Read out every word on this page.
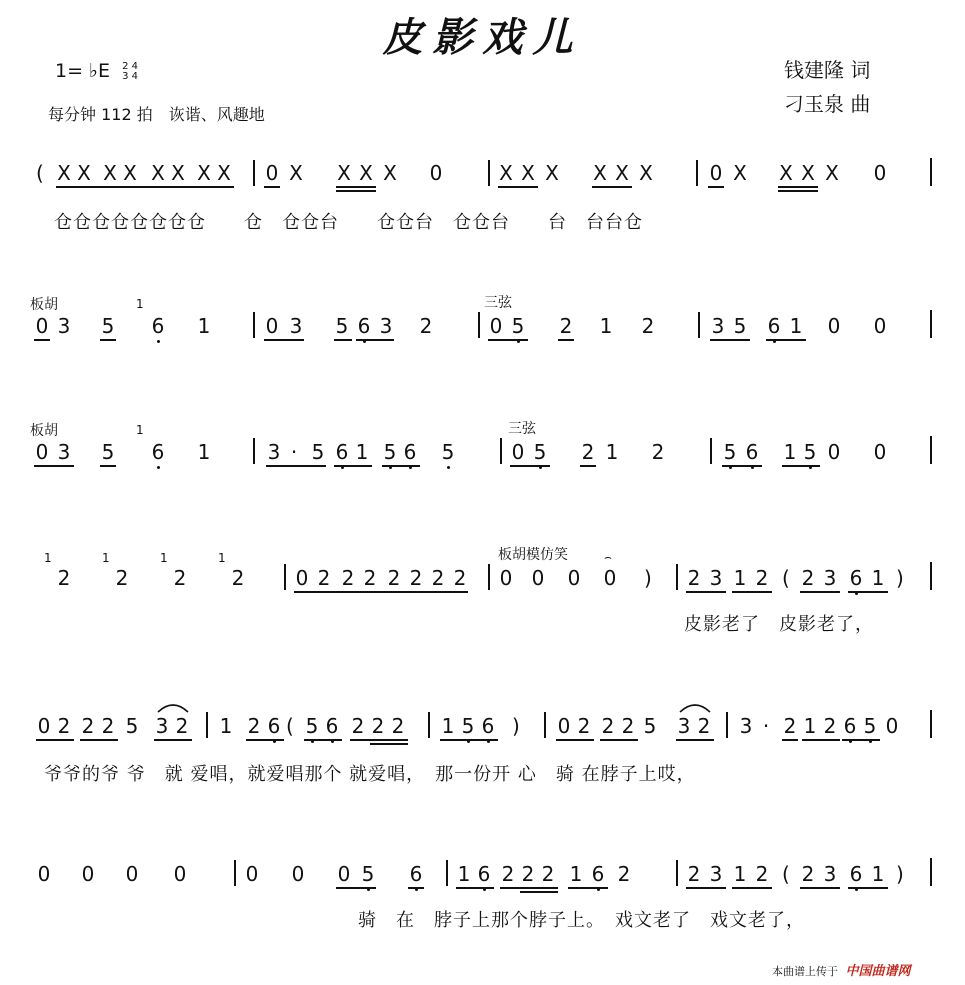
皮影戏儿
1= ♭E 2 4
3 4
每分钟 112 拍　诙谐、风趣地
钱建隆 词
刁玉泉 曲
( X X X X X X X X 0 X X X X 0	X X X X X X	0 X X X X 0
仓仓仓仓仓仓仓仓　　仓　仓仓台　　仓仓台　仓仓台　　台　台台仓
板胡	三弦
0 3 5
1
6 1	0 3 5 6 3 2	0 5 2 1 2	3 5 6 1 0 0
板胡	三弦
0 3 5
1
6 1	3 · 5 6 1 5 6 5	0 5 2 1 2	5 6 1 5 0 0
板胡模仿笑
1
2
1
2
1
2
1
2	0 2 2 2 2 2 2 2 0 0 0 0
⌢
) 2 3 1 2 ( 2 3 6 1 )
皮影老了　皮影老了，
0 2 2 2 5 3 2 1 2 6 ( 5 6 2 2 2 1 5 6 ) 0 2 2 2 5 3 2 3 · 2 1 2 6 5 0
爷爷的爷 爷　就 爱唱，就爱唱那个 就爱唱，　那一份开 心　骑 在脖子上哎，
0 0 0 0	0 0 0 5 6 1 6 2 2 2 1 6 2	2 3 1 2 ( 2 3 6 1 )
骑　在　脖子上那个脖子上。　戏文老了　戏文老了，
本曲谱上传于 中国曲谱网
